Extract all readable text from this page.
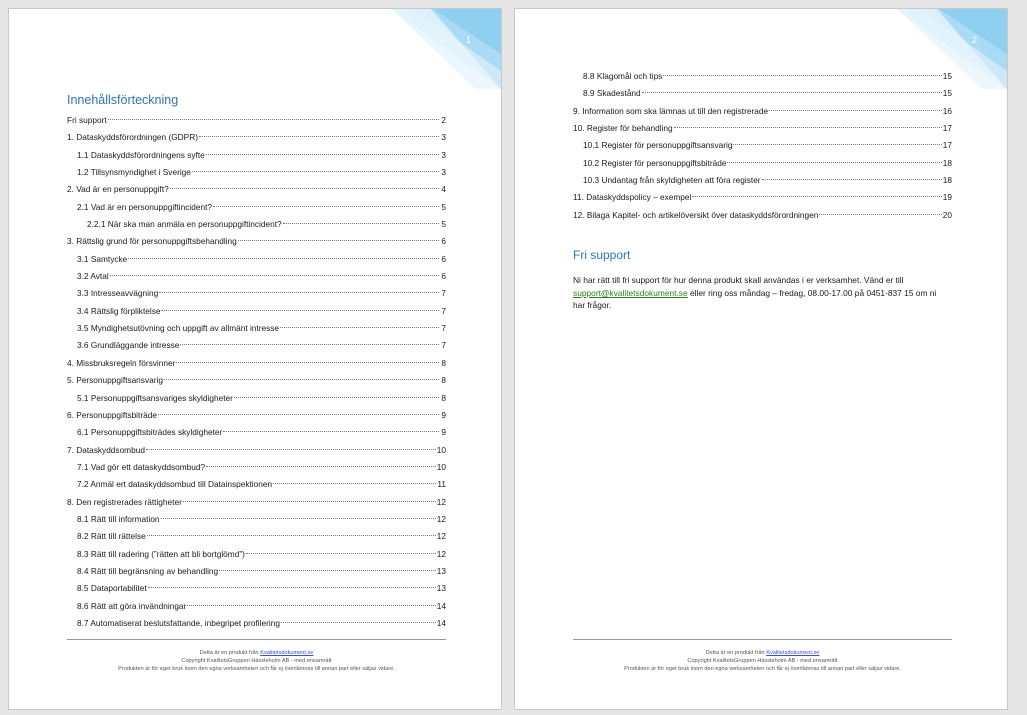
1
Innehållsförteckning
Fri support	2
1. Dataskyddsförordningen (GDPR)	3
1.1 Dataskyddsförordningens syfte	3
1.2 Tillsynsmyndighet i Sverige	3
2. Vad är en personuppgift?	4
2.1 Vad är en personuppgiftincident?	5
2.2.1 När ska man anmäla en personuppgiftincident?	5
3. Rättslig grund för personuppgiftsbehandling	6
3.1 Samtycke	6
3.2 Avtal	6
3.3 Intresseavvägning	7
3.4 Rättslig förpliktelse	7
3.5 Myndighetsutövning och uppgift av allmänt intresse	7
3.6 Grundläggande intresse	7
4. Missbruksregeln försvinner	8
5. Personuppgiftsansvarig	8
5.1 Personuppgiftsansvariges skyldigheter	8
6. Personuppgiftsbiträde	9
6.1 Personuppgiftsbiträdes skyldigheter	9
7. Dataskyddsombud	10
7.1 Vad gör ett dataskyddsombud?	10
7.2 Anmäl ert dataskyddsombud till Datainspektionen	11
8. Den registrerades rättigheter	12
8.1 Rätt till information	12
8.2 Rätt till rättelse	12
8.3 Rätt till radering (”rätten att bli bortglömd”)	12
8.4 Rätt till begränsning av behandling	13
8.5 Dataportabilitet	13
8.6 Rätt att göra invändningar	14
8.7 Automatiserat beslutsfattande, inbegripet profilering	14
Detta är en produkt från Kvalitetsdokument.se
Copyright KvalitetsGruppen Hässleholm AB - med ensamrätt
Produkten är för eget bruk inom den egna verksamheten och får ej överlämnas till annan part eller säljas vidare.
2
8.8 Klagomål och tips	15
8.9 Skadestånd	15
9. Information som ska lämnas ut till den registrerade	16
10. Register för behandling	17
10.1 Register för personuppgiftsansvarig	17
10.2 Register för personuppgiftsbiträde	18
10.3 Undantag från skyldigheten att föra register	18
11. Dataskyddspolicy – exempel	19
12. Bilaga Kapitel- och artikelöversikt över dataskyddsförordningen	20
Fri support

Ni har rätt till fri support för hur denna produkt skall användas i er verksamhet. Vänd er till support@kvalitetsdokument.se eller ring oss måndag – fredag, 08.00-17.00 på 0451-837 15 om ni har frågor.

Detta är en produkt från Kvalitetsdokument.se
Copyright KvalitetsGruppen Hässleholm AB - med ensamrätt
Produkten är för eget bruk inom den egna verksamheten och får ej överlämnas till annan part eller säljas vidare.
